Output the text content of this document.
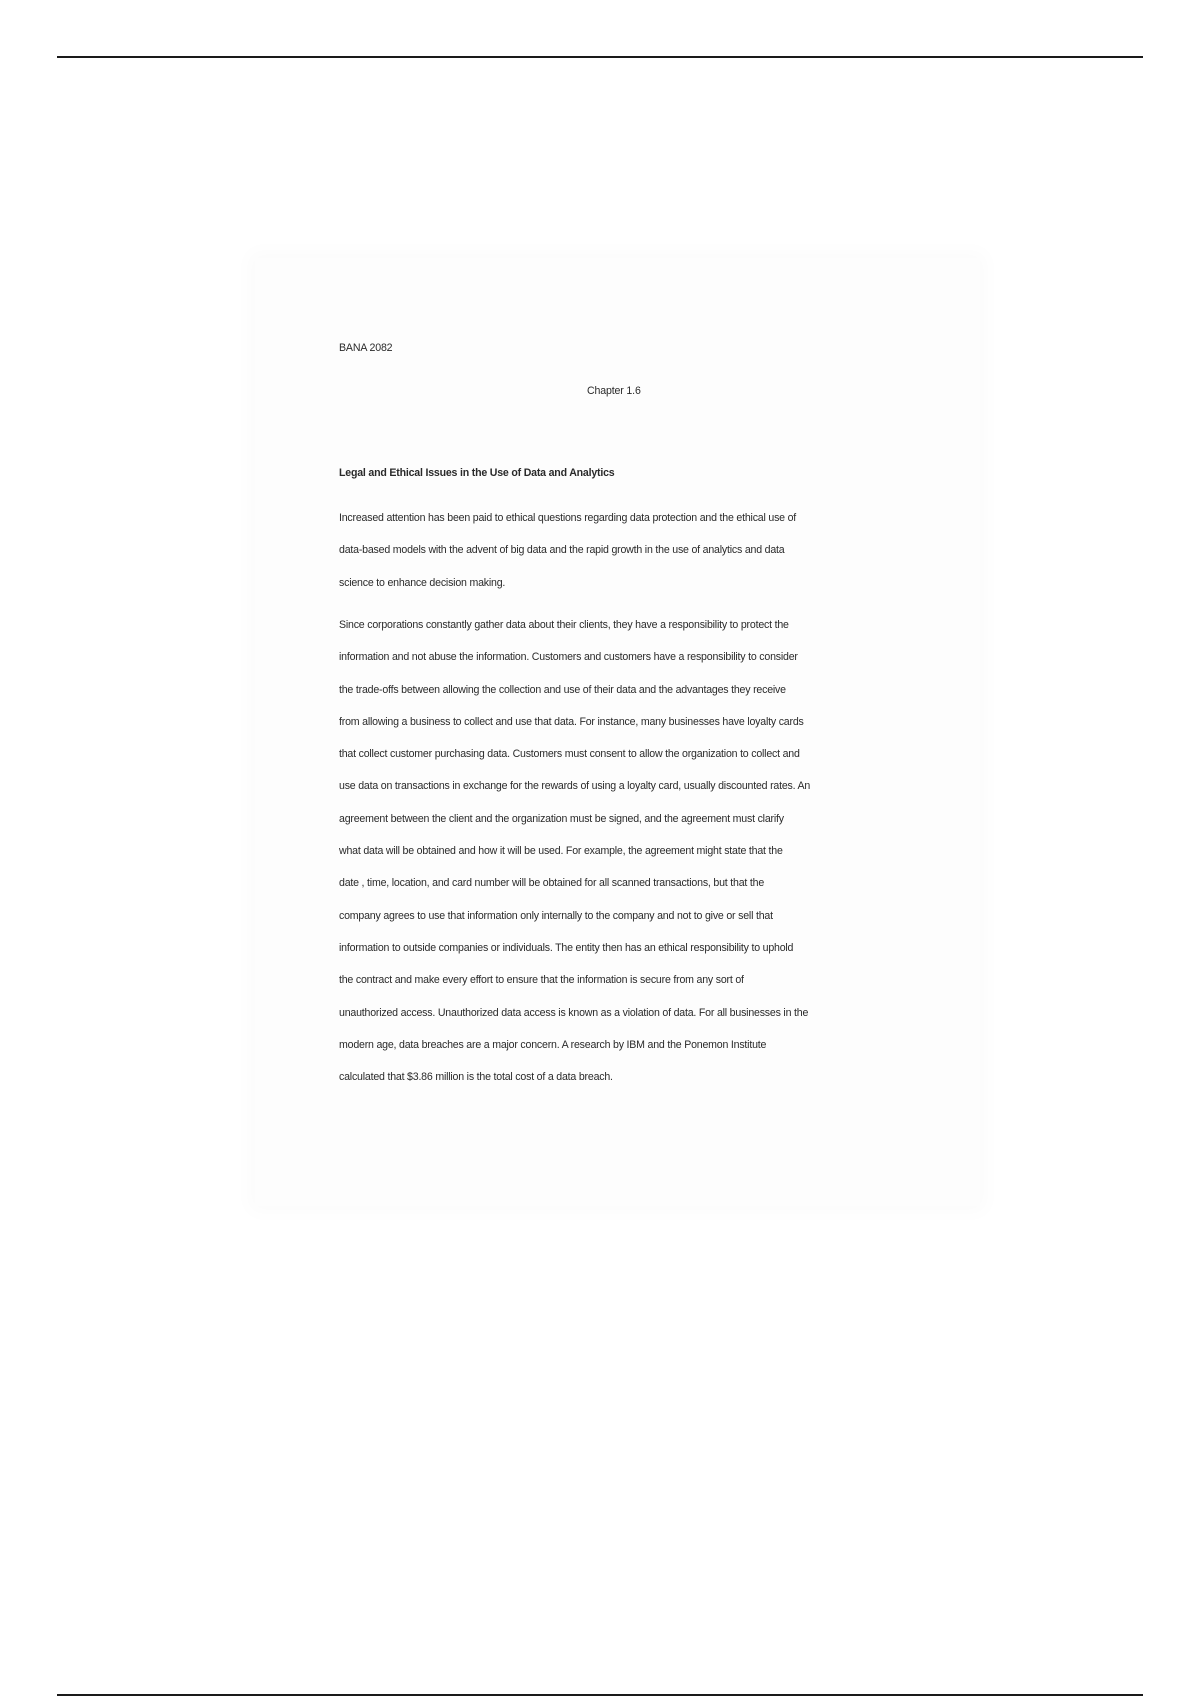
BANA 2082
Chapter 1.6
Legal and Ethical Issues in the Use of Data and Analytics
Increased attention has been paid to ethical questions regarding data protection and the ethical use of
data-based models with the advent of big data and the rapid growth in the use of analytics and data
science to enhance decision making.
Since corporations constantly gather data about their clients, they have a responsibility to protect the
information and not abuse the information. Customers and customers have a responsibility to consider
the trade-offs between allowing the collection and use of their data and the advantages they receive
from allowing a business to collect and use that data. For instance, many businesses have loyalty cards
that collect customer purchasing data. Customers must consent to allow the organization to collect and
use data on transactions in exchange for the rewards of using a loyalty card, usually discounted rates. An
agreement between the client and the organization must be signed, and the agreement must clarify
what data will be obtained and how it will be used. For example, the agreement might state that the
date , time, location, and card number will be obtained for all scanned transactions, but that the
company agrees to use that information only internally to the company and not to give or sell that
information to outside companies or individuals. The entity then has an ethical responsibility to uphold
the contract and make every effort to ensure that the information is secure from any sort of
unauthorized access. Unauthorized data access is known as a violation of data. For all businesses in the
modern age, data breaches are a major concern. A research by IBM and the Ponemon Institute
calculated that $3.86 million is the total cost of a data breach.
